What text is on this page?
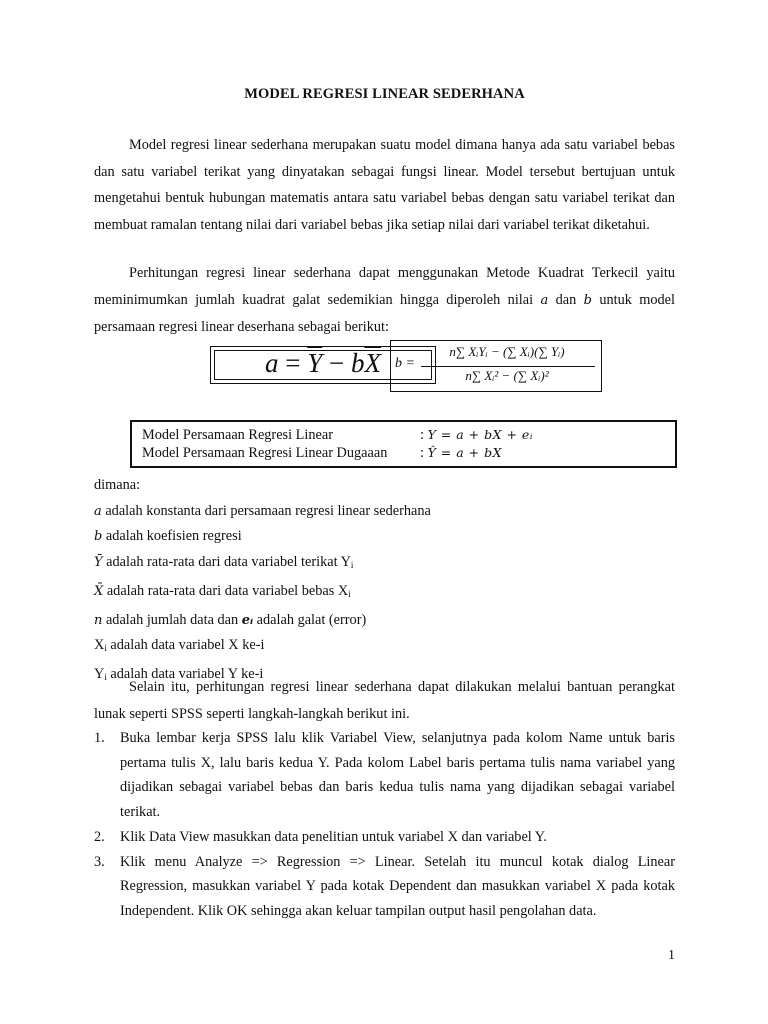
MODEL REGRESI LINEAR SEDERHANA
Model regresi linear sederhana merupakan suatu model dimana hanya ada satu variabel bebas dan satu variabel terikat yang dinyatakan sebagai fungsi linear. Model tersebut bertujuan untuk mengetahui bentuk hubungan matematis antara satu variabel bebas dengan satu variabel terikat dan membuat ramalan tentang nilai dari variabel bebas jika setiap nilai dari variabel terikat diketahui.
Perhitungan regresi linear sederhana dapat menggunakan Metode Kuadrat Terkecil yaitu meminimumkan jumlah kuadrat galat sedemikian hingga diperoleh nilai a dan b untuk model persamaan regresi linear deserhana sebagai berikut:
$a = \overline{Y} - b\overline{X}$	b =
n∑ XᵢYᵢ − (∑ Xᵢ)(∑ Yᵢ)
n∑ Xᵢ² − (∑ Xᵢ)²
Model Persamaan Regresi Linear	: Y = a + bX + eᵢ
Model Persamaan Regresi Linear Dugaaan : Ŷ = a + bX
dimana:
a adalah konstanta dari persamaan regresi linear sederhana
b adalah koefisien regresi
Ȳ adalah rata-rata dari data variabel terikat $Y_i$
X̄ adalah rata-rata dari data variabel bebas $X_i$
n adalah jumlah data dan eᵢ adalah galat (error)
$X_i$ adalah data variabel X ke-i
$Y_i$ adalah data variabel Y ke-i
Selain itu, perhitungan regresi linear sederhana dapat dilakukan melalui bantuan perangkat lunak seperti SPSS seperti langkah-langkah berikut ini.
1. Buka lembar kerja SPSS lalu klik Variabel View, selanjutnya pada kolom Name untuk baris pertama tulis X, lalu baris kedua Y. Pada kolom Label baris pertama tulis nama variabel yang dijadikan sebagai variabel bebas dan baris kedua tulis nama yang dijadikan sebagai variabel terikat.
2. Klik Data View masukkan data penelitian untuk variabel X dan variabel Y.
3. Klik menu Analyze => Regression => Linear. Setelah itu muncul kotak dialog Linear Regression, masukkan variabel Y pada kotak Dependent dan masukkan variabel X pada kotak Independent. Klik OK sehingga akan keluar tampilan output hasil pengolahan data.
1
